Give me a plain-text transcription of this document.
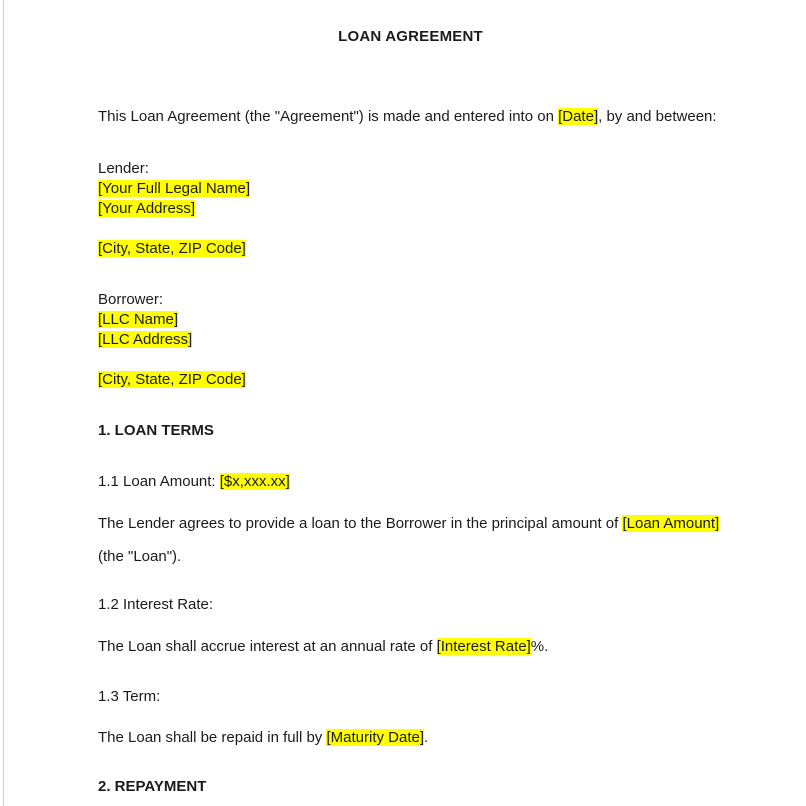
LOAN AGREEMENT

This Loan Agreement (the "Agreement") is made and entered into on [Date], by and between:

Lender:
[Your Full Legal Name]
[Your Address]
[City, State, ZIP Code]
Borrower:
[LLC Name]
[LLC Address]
[City, State, ZIP Code]
1. LOAN TERMS

1.1 Loan Amount: [$x,xxx.xx]

The Lender agrees to provide a loan to the Borrower in the principal amount of [Loan Amount] (the "Loan").

1.2 Interest Rate:

The Loan shall accrue interest at an annual rate of [Interest Rate]%.

1.3 Term:

The Loan shall be repaid in full by [Maturity Date].

2. REPAYMENT
